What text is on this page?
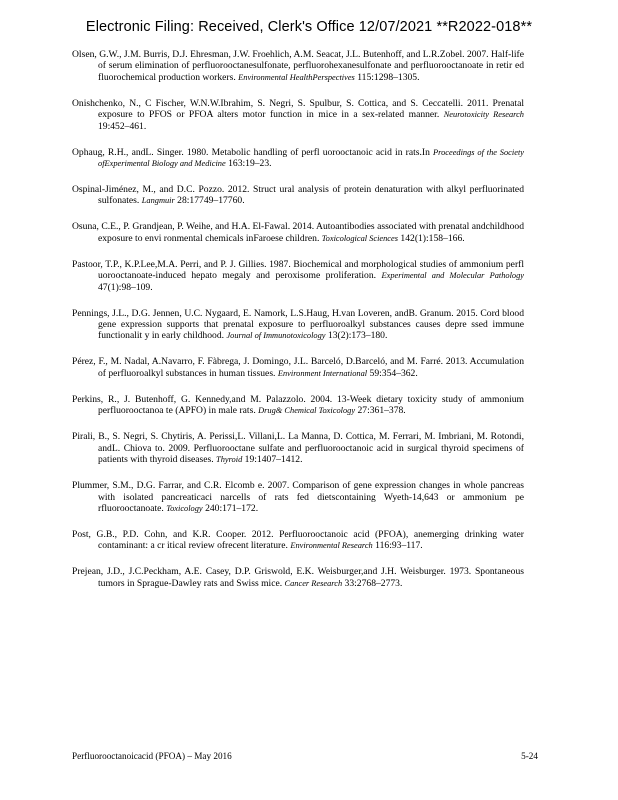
Electronic Filing: Received, Clerk's Office 12/07/2021 **R2022-018**

Olsen, G.W., J.M. Burris, D.J. Ehresman, J.W. Froehlich, A.M. Seacat, J.L. Butenhoff, and L.R.Zobel. 2007. Half-life of serum elimination of perfluorooctanesulfonate, perfluorohexanesulfonate and perfluorooctanoate in retir ed fluorochemical production workers. Environmental HealthPerspectives 115:1298–1305.

Onishchenko, N., C Fischer, W.N.W.Ibrahim, S. Negri, S. Spulbur, S. Cottica, and S. Ceccatelli. 2011. Prenatal exposure to PFOS or PFOA alters motor function in mice in a sex-related manner. Neurotoxicity Research 19:452–461.

Ophaug, R.H., andL. Singer. 1980. Metabolic handling of perfl uorooctanoic acid in rats.In Proceedings of the Society ofExperimental Biology and Medicine 163:19–23.

Ospinal-Jiménez, M., and D.C. Pozzo. 2012. Struct ural analysis of protein denaturation with alkyl perfluorinated sulfonates. Langmuir 28:17749–17760.

Osuna, C.E., P. Grandjean, P. Weihe, and H.A. El-Fawal. 2014. Autoantibodies associated with prenatal andchildhood exposure to envi ronmental chemicals inFaroese children. Toxicological Sciences 142(1):158–166.

Pastoor, T.P., K.P.Lee,M.A. Perri, and P. J. Gillies. 1987. Biochemical and morphological studies of ammonium perfl uorooctanoate-induced hepato megaly and peroxisome proliferation. Experimental and Molecular Pathology 47(1):98–109.

Pennings, J.L., D.G. Jennen, U.C. Nygaard, E. Namork, L.S.Haug, H.van Loveren, andB. Granum. 2015. Cord blood gene expression supports that prenatal exposure to perfluoroalkyl substances causes depre ssed immune functionalit y in early childhood. Journal of Immunotoxicology 13(2):173–180.

Pérez, F., M. Nadal, A.Navarro, F. Fàbrega, J. Domingo, J.L. Barceló, D.Barceló, and M. Farré. 2013. Accumulation of perfluoroalkyl substances in human tissues. Environment International 59:354–362.

Perkins, R., J. Butenhoff, G. Kennedy,and M. Palazzolo. 2004. 13-Week dietary toxicity study of ammonium perfluorooctanoa te (APFO) in male rats. Drug& Chemical Toxicology 27:361–378.

Pirali, B., S. Negri, S. Chytiris, A. Perissi,L. Villani,L. La Manna, D. Cottica, M. Ferrari, M. Imbriani, M. Rotondi, andL. Chiova to. 2009. Perfluorooctane sulfate and perfluorooctanoic acid in surgical thyroid specimens of patients with thyroid diseases. Thyroid 19:1407–1412.

Plummer, S.M., D.G. Farrar, and C.R. Elcomb e. 2007. Comparison of gene expression changes in whole pancreas with isolated pancreaticaci narcells of rats fed dietscontaining Wyeth-14,643 or ammonium pe rfluorooctanoate. Toxicology 240:171–172.

Post, G.B., P.D. Cohn, and K.R. Cooper. 2012. Perfluorooctanoic acid (PFOA), anemerging drinking water contaminant: a cr itical review ofrecent literature. Environmental Research 116:93–117.

Prejean, J.D., J.C.Peckham, A.E. Casey, D.P. Griswold, E.K. Weisburger,and J.H. Weisburger. 1973. Spontaneous tumors in Sprague-Dawley rats and Swiss mice. Cancer Research 33:2768–2773.

Perfluorooctanoicacid (PFOA) – May 2016	5-24
